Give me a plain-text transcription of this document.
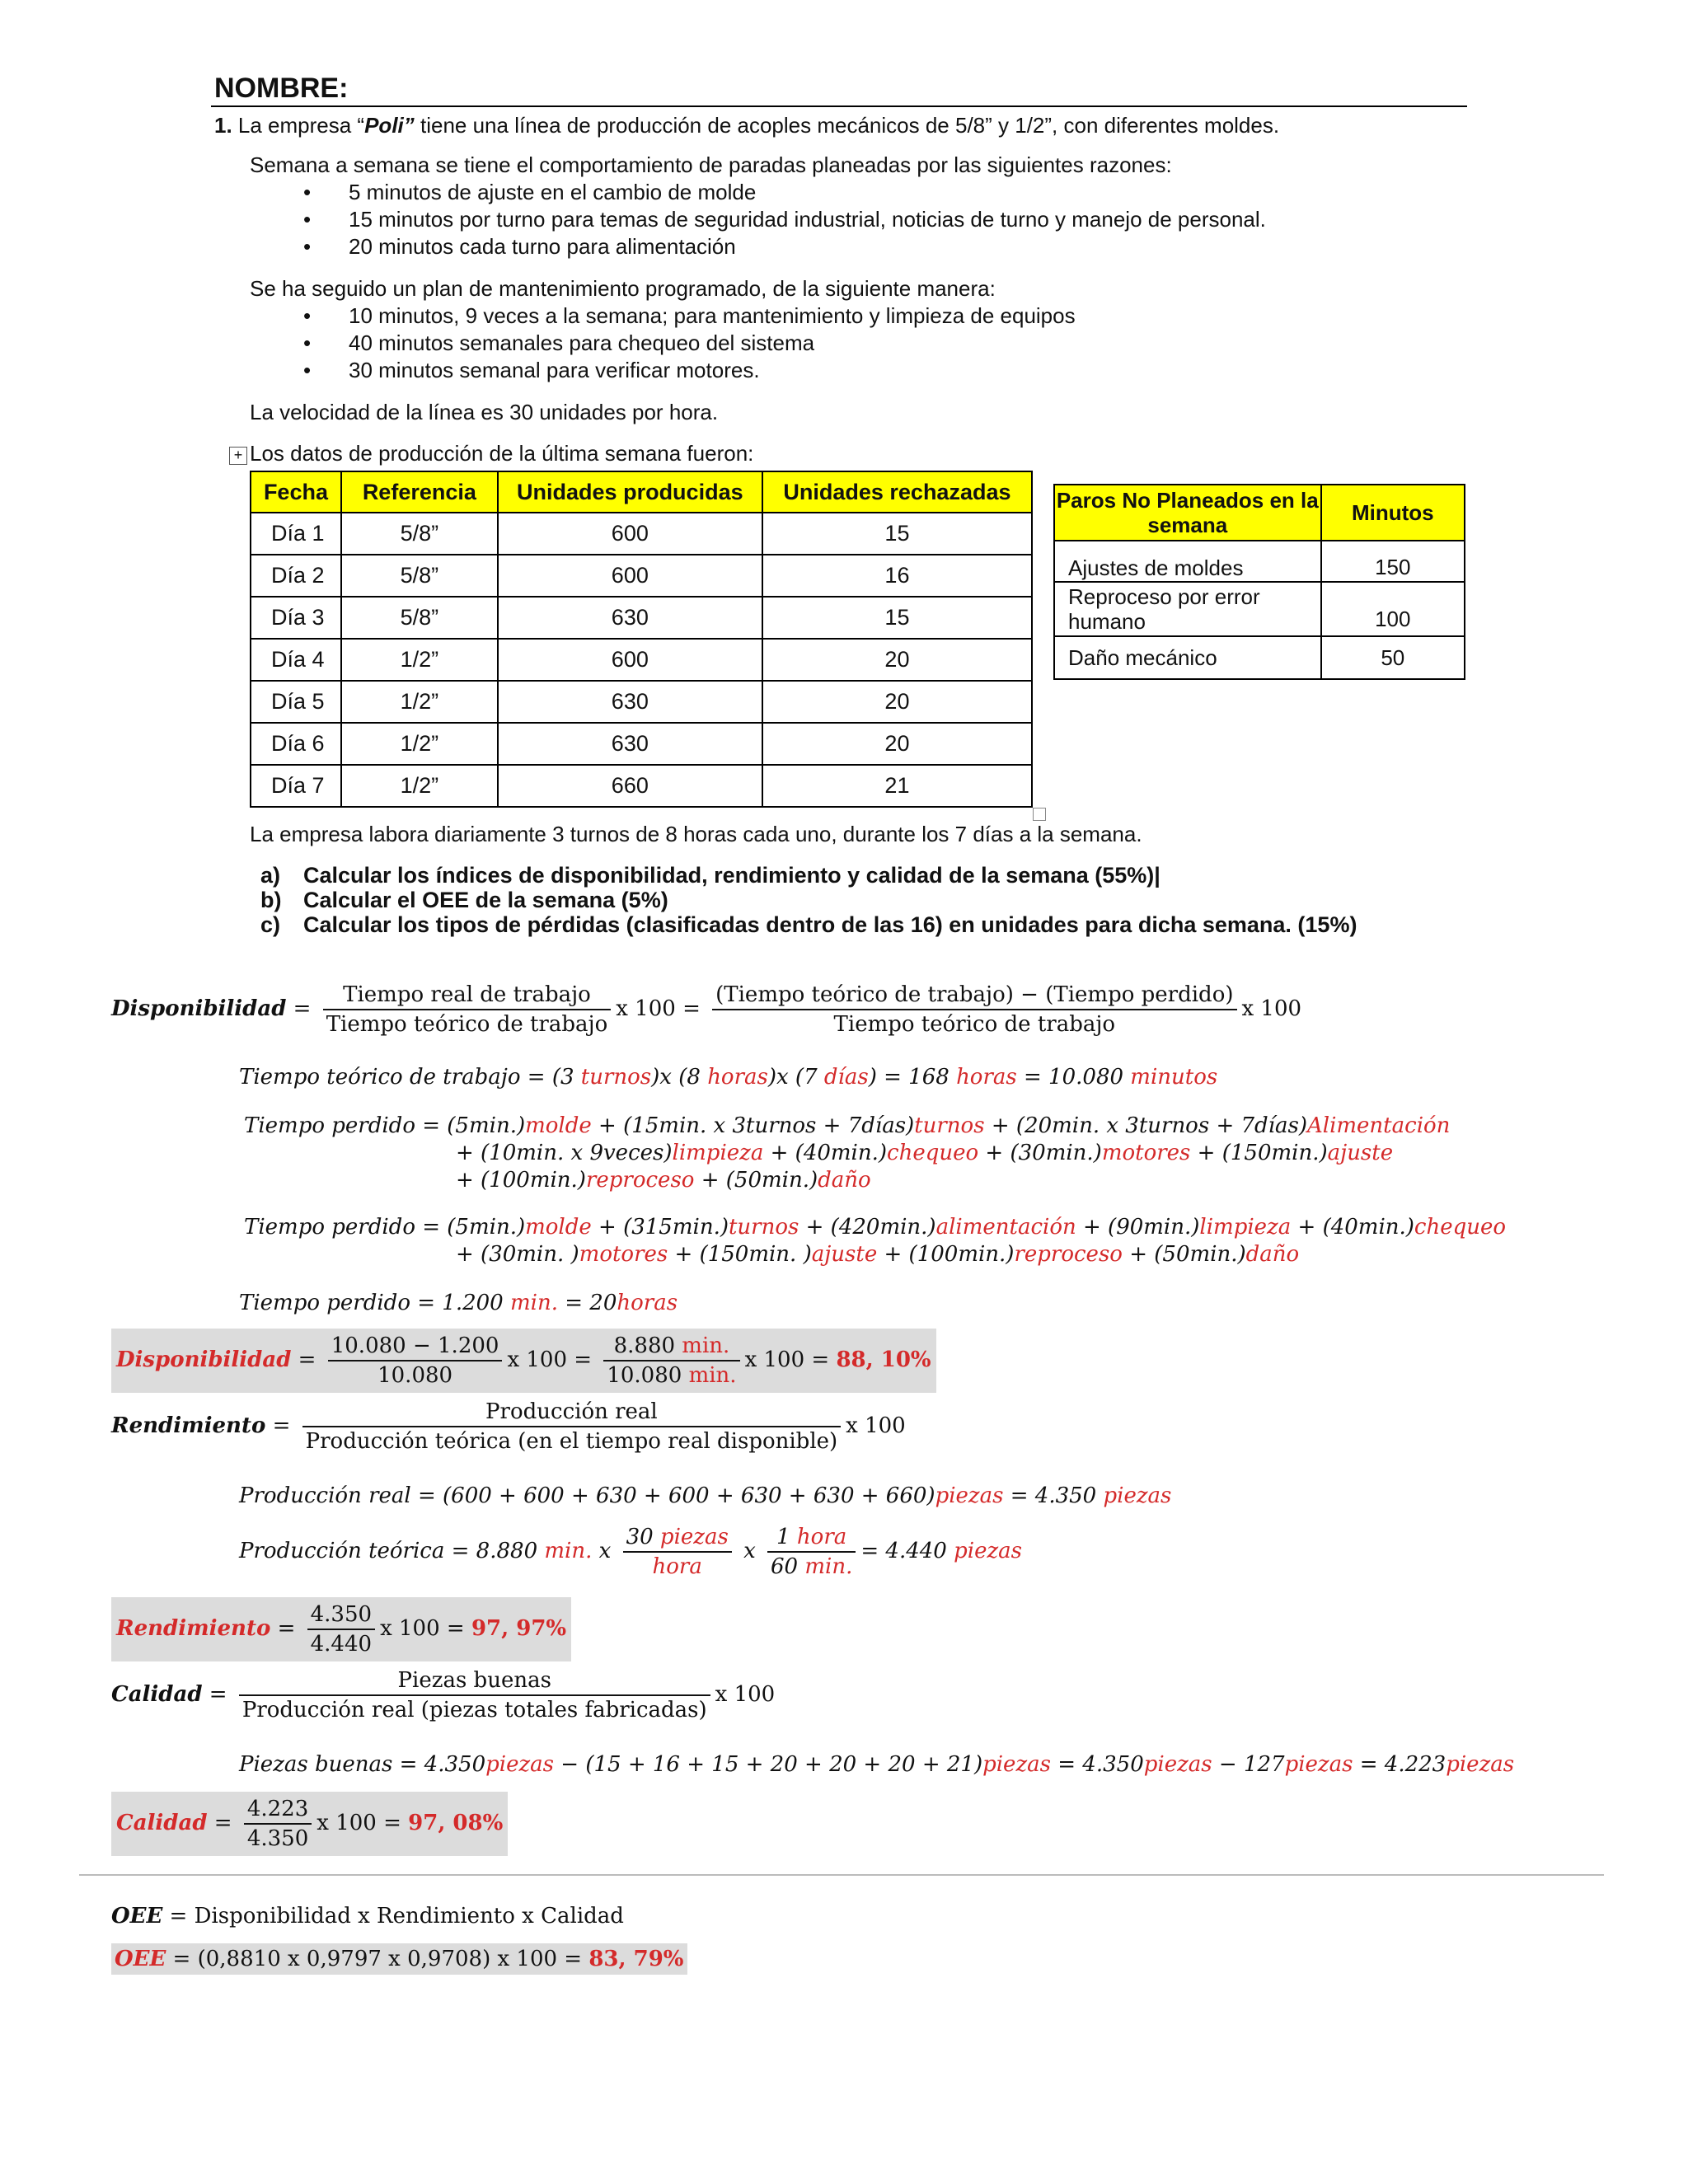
NOMBRE:
1. La empresa “Poli” tiene una línea de producción de acoples mecánicos de 5/8” y 1/2”, con diferentes moldes.
Semana a semana se tiene el comportamiento de paradas planeadas por las siguientes razones:
• 5 minutos de ajuste en el cambio de molde
• 15 minutos por turno para temas de seguridad industrial, noticias de turno y manejo de personal.
• 20 minutos cada turno para alimentación
Se ha seguido un plan de mantenimiento programado, de la siguiente manera:
• 10 minutos, 9 veces a la semana; para mantenimiento y limpieza de equipos
• 40 minutos semanales para chequeo del sistema
• 30 minutos semanal para verificar motores.
La velocidad de la línea es 30 unidades por hora.
+ Los datos de producción de la última semana fueron:
Fecha	Referencia	Unidades producidas	Unidades rechazadas
Día 1	5/8”	600	15
Día 2	5/8”	600	16
Día 3	5/8”	630	15
Día 4	1/2”	600	20
Día 5	1/2”	630	20
Día 6	1/2”	630	20
Día 7	1/2”	660	21
Paros No Planeados en la semana	Minutos
Ajustes de moldes	150
Reproceso por error humano	100
Daño mecánico	50
La empresa labora diariamente 3 turnos de 8 horas cada uno, durante los 7 días a la semana.
a) Calcular los índices de disponibilidad, rendimiento y calidad de la semana (55%)|
b) Calcular el OEE de la semana (5%)
c) Calcular los tipos de pérdidas (clasificadas dentro de las 16) en unidades para dicha semana. (15%)
Disponibilidad = $\frac{\text{Tiempo real de trabajo}}{\text{Tiempo teórico de trabajo}}$ x $100 = \frac{\text{(Tiempo teórico de trabajo) − (Tiempo perdido)}}{\text{Tiempo teórico de trabajo}}$ x 100
Tiempo teórico de trabajo = (3 turnos)x (8 horas)x (7 días) = 168 horas = 10.080 minutos
Tiempo perdido = (5min.)molde + (15min. x 3turnos + 7días)turnos + (20min. x 3turnos + 7días)Alimentación
+ (10min. x 9veces)limpieza + (40min.)chequeo + (30min.)motores + (150min.)ajuste
+ (100min.)reproceso + (50min.)daño
Tiempo perdido = (5min.)molde + (315min.)turnos + (420min.)alimentación + (90min.)limpieza + (40min.)chequeo
+ (30min. )motores + (150min. )ajuste + (100min.)reproceso + (50min.)daño
Tiempo perdido = 1.200 min. = 20horas
Disponibilidad = $\frac{10.080 - 1.200}{10.080}$ x $100 = \frac{8.880 \min.}{10.080 \min.}$ x 100 = 88, 10%
Rendimiento = $\frac{\text{Producción real}}{\text{Producción teórica (en el tiempo real disponible)}}$ x 100
Producción real = (600 + 600 + 630 + 600 + 630 + 630 + 660)piezas = 4.350 piezas
Producción teórica = 8.880 min. x $\frac{\text{30 piezas}}{\text{hora}}$ x $\frac{\text{1 hora}}{60 \min.} = 4.440$ piezas
Rendimiento = $\frac{4.350}{4.440}$ x 100 = 97, 97%
Calidad = $\frac{\text{Piezas buenas}}{\text{Producción real (piezas totales fabricadas)}}$ x 100
Piezas buenas = 4.350piezas − (15 + 16 + 15 + 20 + 20 + 20 + 21)piezas = 4.350piezas − 127piezas = 4.223piezas
Calidad = $\frac{4.223}{4.350}$ x 100 = 97, 08%
OEE = Disponibilidad x Rendimiento x Calidad
OEE = (0,8810 x 0,9797 x 0,9708) x 100 = 83, 79%
